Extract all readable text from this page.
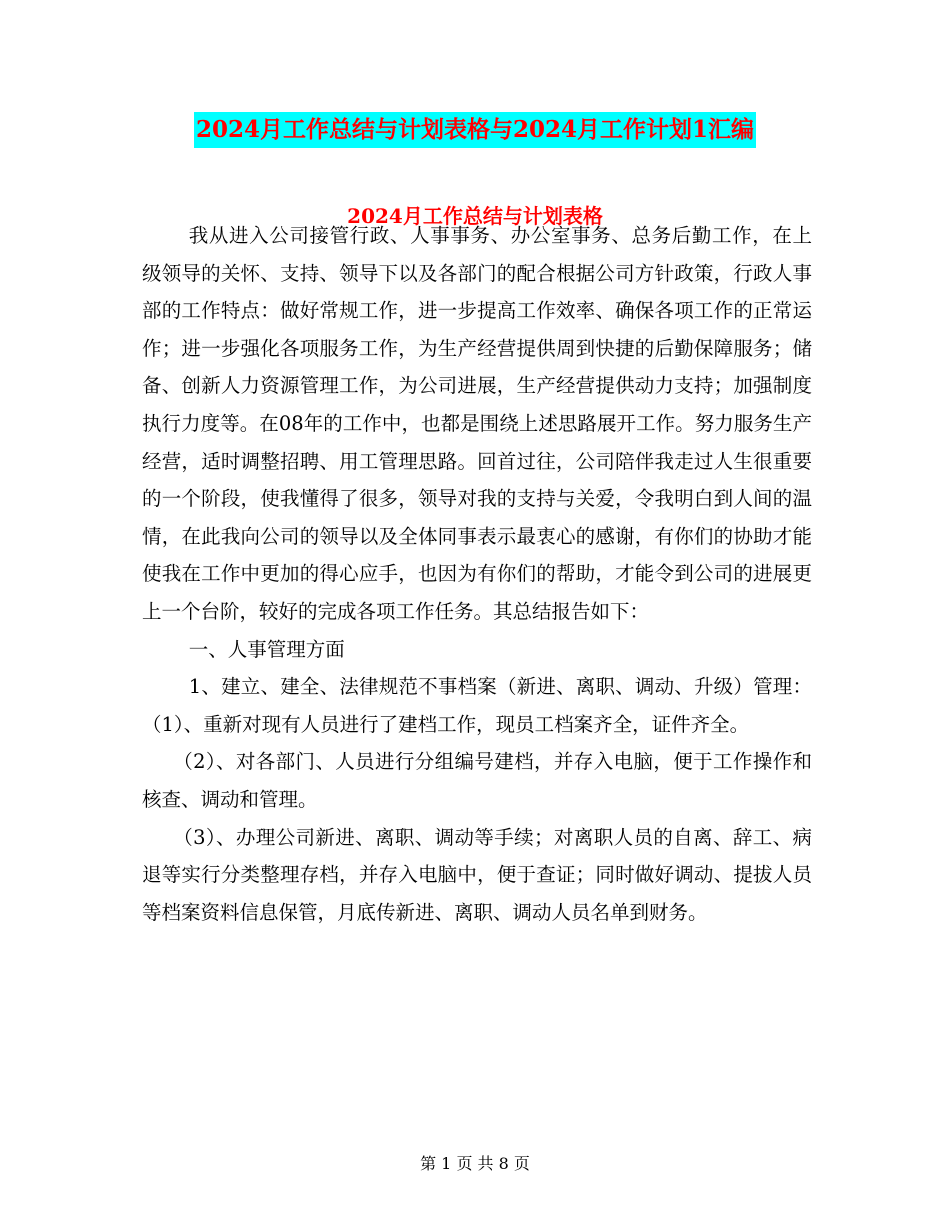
2024月工作总结与计划表格与2024月工作计划1汇编
2024月工作总结与计划表格

我从进入公司接管行政、人事事务、办公室事务、总务后勤工作，在上级领导的关怀、支持、领导下以及各部门的配合根据公司方针政策，行政人事部的工作特点：做好常规工作，进一步提高工作效率、确保各项工作的正常运作；进一步强化各项服务工作，为生产经营提供周到快捷的后勤保障服务；储备、创新人力资源管理工作，为公司进展，生产经营提供动力支持；加强制度执行力度等。在08年的工作中，也都是围绕上述思路展开工作。努力服务生产经营，适时调整招聘、用工管理思路。回首过往，公司陪伴我走过人生很重要的一个阶段，使我懂得了很多，领导对我的支持与关爱，令我明白到人间的温情，在此我向公司的领导以及全体同事表示最衷心的感谢，有你们的协助才能使我在工作中更加的得心应手，也因为有你们的帮助，才能令到公司的进展更上一个台阶，较好的完成各项工作任务。其总结报告如下：

一、人事管理方面

1、建立、建全、法律规范不事档案（新进、离职、调动、升级）管理：（1）、重新对现有人员进行了建档工作，现员工档案齐全，证件齐全。

（2）、对各部门、人员进行分组编号建档，并存入电脑，便于工作操作和核查、调动和管理。

（3）、办理公司新进、离职、调动等手续；对离职人员的自离、辞工、病退等实行分类整理存档，并存入电脑中，便于查证；同时做好调动、提拔人员等档案资料信息保管，月底传新进、离职、调动人员名单到财务。

第 1 页 共 8 页
